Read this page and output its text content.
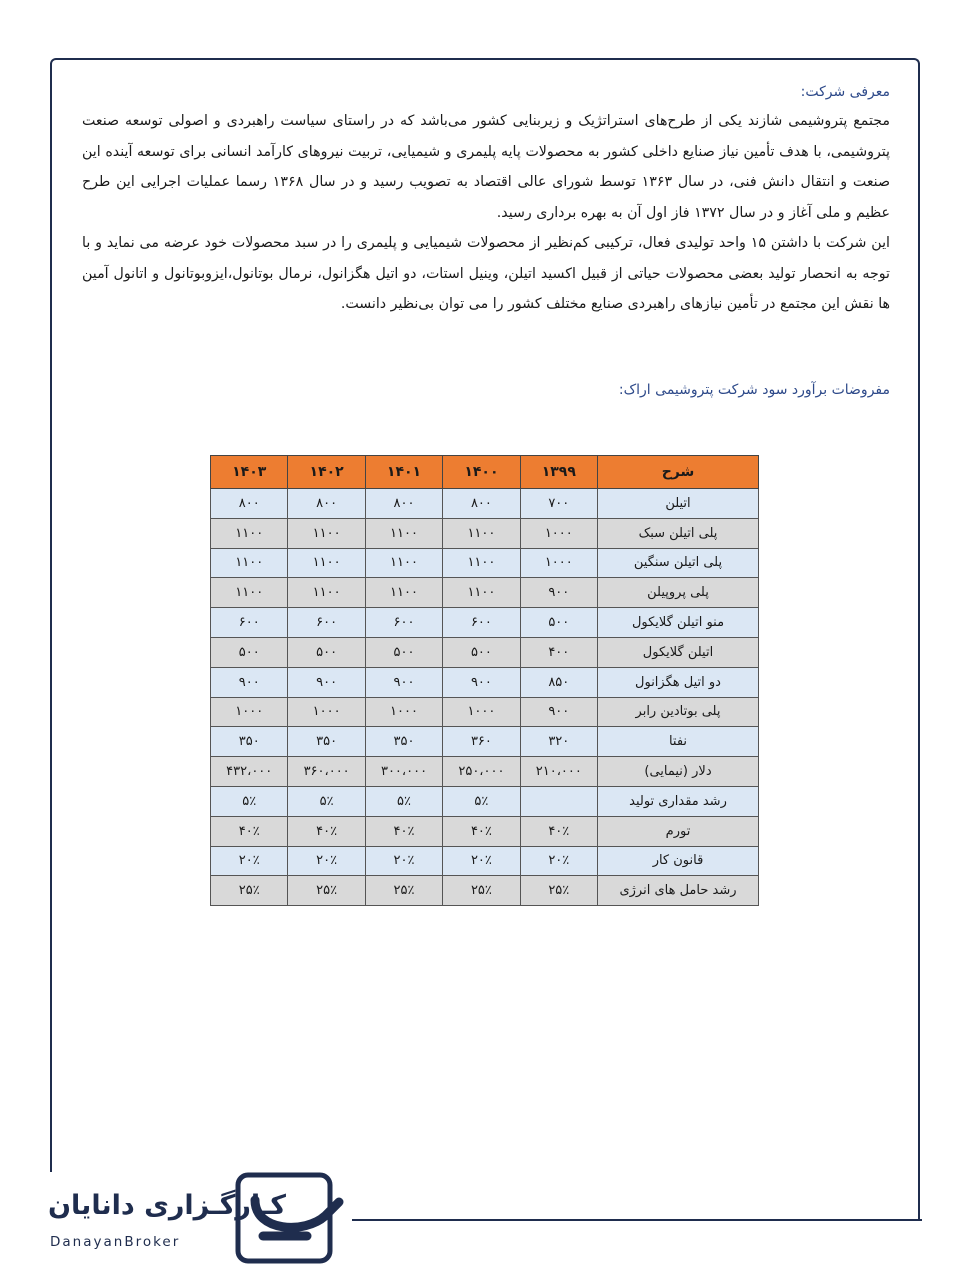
معرفی شرکت:

مجتمع پتروشیمی شازند یکی از طرح‌های استراتژیک و زیربنایی کشور می‌باشد که در راستای سیاست راهبردی و اصولی توسعه صنعت پتروشیمی، با هدف تأمین نیاز صنایع داخلی کشور به محصولات پایه پلیمری و شیمیایی، تربیت نیروهای کارآمد انسانی برای توسعه آینده این صنعت و انتقال دانش فنی، در سال ۱۳۶۳ توسط شورای عالی اقتصاد به تصویب رسید و در سال ۱۳۶۸ رسما عملیات اجرایی این طرح عظیم و ملی آغاز و در سال ۱۳۷۲ فاز اول آن به بهره برداری رسید.

این شرکت با داشتن ۱۵ واحد تولیدی فعال، ترکیبی کم‌نظیر از محصولات شیمیایی و پلیمری را در سبد محصولات خود عرضه می نماید و با توجه به انحصار تولید بعضی محصولات حیاتی از قبیل اکسید اتیلن، وینیل استات، دو اتیل هگزانول، نرمال بوتانول،ایزوبوتانول و اتانول آمین ها نقش این مجتمع در تأمین نیازهای راهبردی صنایع مختلف کشور را می توان بی‌نظیر دانست.

مفروضات برآورد سود شرکت پتروشیمی اراک:
شرح	۱۳۹۹	۱۴۰۰	۱۴۰۱	۱۴۰۲	۱۴۰۳
اتیلن	۷۰۰	۸۰۰	۸۰۰	۸۰۰	۸۰۰
پلی اتیلن سبک	۱۰۰۰	۱۱۰۰	۱۱۰۰	۱۱۰۰	۱۱۰۰
پلی اتیلن سنگین	۱۰۰۰	۱۱۰۰	۱۱۰۰	۱۱۰۰	۱۱۰۰
پلی پروپیلن	۹۰۰	۱۱۰۰	۱۱۰۰	۱۱۰۰	۱۱۰۰
منو اتیلن گلایکول	۵۰۰	۶۰۰	۶۰۰	۶۰۰	۶۰۰
اتیلن گلایکول	۴۰۰	۵۰۰	۵۰۰	۵۰۰	۵۰۰
دو اتیل هگزانول	۸۵۰	۹۰۰	۹۰۰	۹۰۰	۹۰۰
پلی بوتادین رابر	۹۰۰	۱۰۰۰	۱۰۰۰	۱۰۰۰	۱۰۰۰
نفتا	۳۲۰	۳۶۰	۳۵۰	۳۵۰	۳۵۰
دلار (نیمایی)	۲۱۰،۰۰۰	۲۵۰،۰۰۰	۳۰۰،۰۰۰	۳۶۰،۰۰۰	۴۳۲،۰۰۰
رشد مقداری تولید		۵٪	۵٪	۵٪	۵٪
تورم	۴۰٪	۴۰٪	۴۰٪	۴۰٪	۴۰٪
قانون کار	۲۰٪	۲۰٪	۲۰٪	۲۰٪	۲۰٪
رشد حامل های انرژی	۲۵٪	۲۵٪	۲۵٪	۲۵٪	۲۵٪
کـارگـزاری دانایان
DanayanBroker
